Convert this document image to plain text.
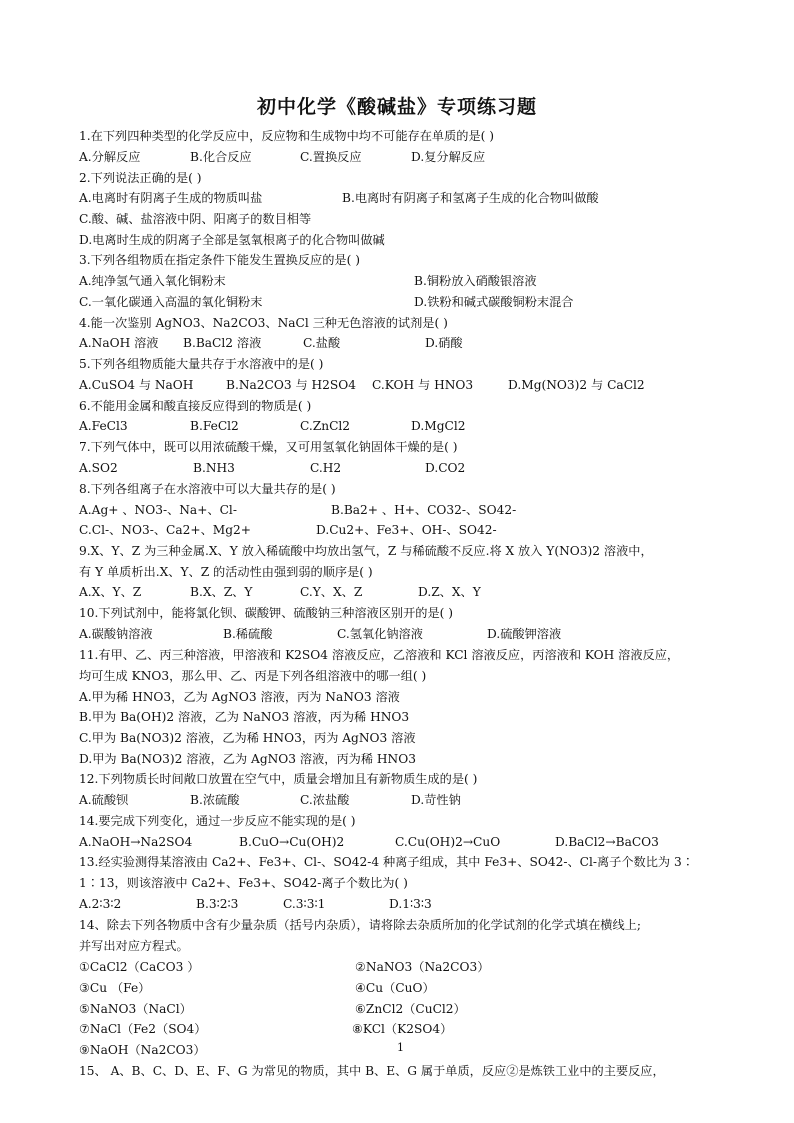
初中化学《酸碱盐》专项练习题
1.在下列四种类型的化学反应中，反应物和生成物中均不可能存在单质的是( )
A.分解反应	B.化合反应	C.置换反应	D.复分解反应
2.下列说法正确的是( )
A.电离时有阴离子生成的物质叫盐	B.电离时有阴离子和氢离子生成的化合物叫做酸
C.酸、碱、盐溶液中阴、阳离子的数目相等
D.电离时生成的阴离子全部是氢氧根离子的化合物叫做碱
3.下列各组物质在指定条件下能发生置换反应的是( )
A.纯净氢气通入氧化铜粉末	B.铜粉放入硝酸银溶液
C.一氧化碳通入高温的氧化铜粉末	D.铁粉和碱式碳酸铜粉末混合
4.能一次鉴别 AgNO3、Na2CO3、NaCl 三种无色溶液的试剂是( )
A.NaOH 溶液 B.BaCl2 溶液	C.盐酸	D.硝酸
5.下列各组物质能大量共存于水溶液中的是( )
A.CuSO4 与 NaOH	B.Na2CO3 与 H2SO4 C.KOH 与 HNO3	D.Mg(NO3)2 与 CaCl2
6.不能用金属和酸直接反应得到的物质是( )
A.FeCl3	B.FeCl2	C.ZnCl2	D.MgCl2
7.下列气体中，既可以用浓硫酸干燥，又可用氢氧化钠固体干燥的是( )
A.SO2	B.NH3	C.H2	D.CO2
8.下列各组离子在水溶液中可以大量共存的是( )
A.Ag+ 、NO3-、Na+、Cl-	B.Ba2+ 、H+、CO32-、SO42-
C.Cl-、NO3-、Ca2+、Mg2+	D.Cu2+、Fe3+、OH-、SO42-
9.X、Y、Z 为三种金属.X、Y 放入稀硫酸中均放出氢气，Z 与稀硫酸不反应.将 X 放入 Y(NO3)2 溶液中，
有 Y 单质析出.X、Y、Z 的活动性由强到弱的顺序是( )
A.X、Y、Z	B.X、Z、Y	C.Y、X、Z	D.Z、X、Y
10.下列试剂中，能将氯化钡、碳酸钾、硫酸钠三种溶液区别开的是( )
A.碳酸钠溶液	B.稀硫酸	C.氢氧化钠溶液	D.硫酸钾溶液
11.有甲、乙、丙三种溶液，甲溶液和 K2SO4 溶液反应，乙溶液和 KCl 溶液反应，丙溶液和 KOH 溶液反应，
均可生成 KNO3，那么甲、乙、丙是下列各组溶液中的哪一组( )
A.甲为稀 HNO3，乙为 AgNO3 溶液，丙为 NaNO3 溶液
B.甲为 Ba(OH)2 溶液，乙为 NaNO3 溶液，丙为稀 HNO3
C.甲为 Ba(NO3)2 溶液，乙为稀 HNO3，丙为 AgNO3 溶液
D.甲为 Ba(NO3)2 溶液，乙为 AgNO3 溶液，丙为稀 HNO3
12.下列物质长时间敞口放置在空气中，质量会增加且有新物质生成的是( )
A.硫酸钡	B.浓硫酸	C.浓盐酸	D.苛性钠
14.要完成下列变化，通过一步反应不能实现的是( )
A.NaOH→Na2SO4	B.CuO→Cu(OH)2	C.Cu(OH)2→CuO	D.BaCl2→BaCO3
13.经实验测得某溶液由 Ca2+、Fe3+、Cl-、SO42-4 种离子组成，其中 Fe3+、SO42-、Cl-离子个数比为 3∶
1∶13，则该溶液中 Ca2+、Fe3+、SO42-离子个数比为( )
A.2∶3∶2	B.3∶2∶3	C.3∶3∶1	D.1∶3∶3
14、除去下列各物质中含有少量杂质（括号内杂质），请将除去杂质所加的化学试剂的化学式填在横线上;
并写出对应方程式。
①CaCl2（CaCO3 ）	②NaNO3（Na2CO3）
③Cu （Fe）	④Cu（CuO）
⑤NaNO3（NaCl）	⑥ZnCl2（CuCl2）
⑦NaCl（Fe2（SO4）	⑧KCl（K2SO4）
⑨NaOH（Na2CO3）
15、 A、B、C、D、E、F、G 为常见的物质，其中 B、E、G 属于单质，反应②是炼铁工业中的主要反应，
1
